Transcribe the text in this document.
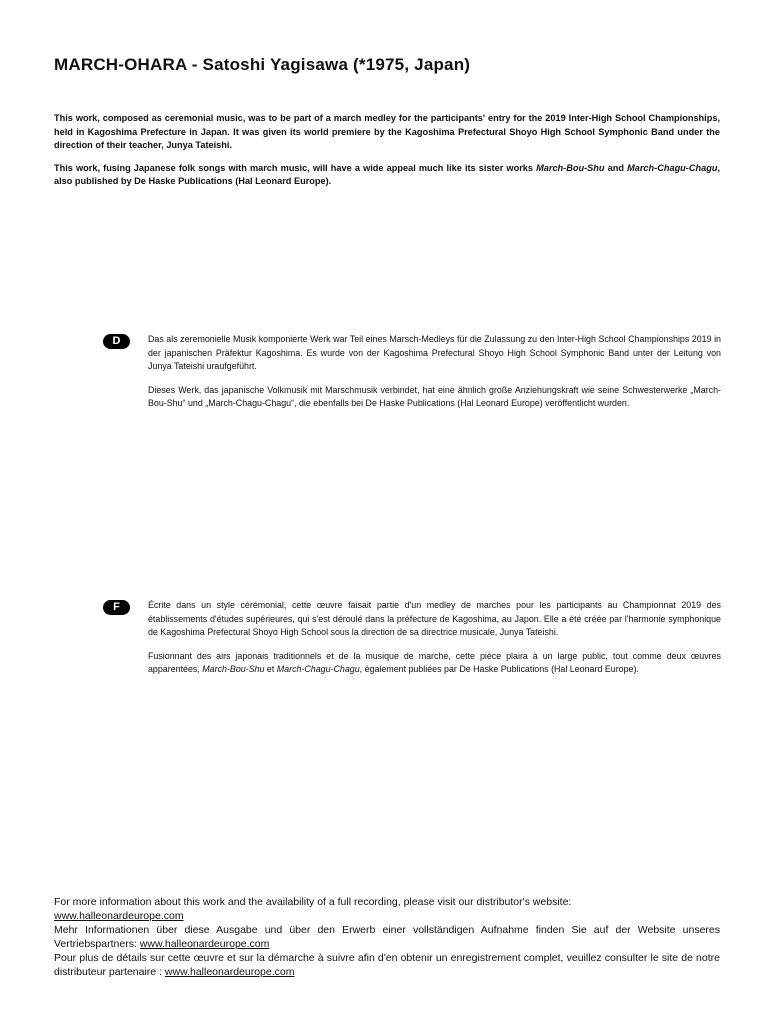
MARCH-OHARA - Satoshi Yagisawa (*1975, Japan)

This work, composed as ceremonial music, was to be part of a march medley for the participants' entry for the 2019 Inter-High School Championships, held in Kagoshima Prefecture in Japan. It was given its world premiere by the Kagoshima Prefectural Shoyo High School Symphonic Band under the direction of their teacher, Junya Tateishi.

This work, fusing Japanese folk songs with march music, will have a wide appeal much like its sister works March-Bou-Shu and March-Chagu-Chagu, also published by De Haske Publications (Hal Leonard Europe).

D	Das als zeremonielle Musik komponierte Werk war Teil eines Marsch-Medleys für die Zulassung zu den Inter-High School Championships 2019 in der japanischen Präfektur Kagoshima. Es wurde von der Kagoshima Prefectural Shoyo High School Symphonic Band unter der Leitung von Junya Tateishi uraufgeführt.

Dieses Werk, das japanische Volkmusik mit Marschmusik verbindet, hat eine ähnlich große Anziehungskraft wie seine Schwesterwerke „March-Bou-Shu“ und „March-Chagu-Chagu“, die ebenfalls bei De Haske Publications (Hal Leonard Europe) veröffentlicht wurden.

F	Écrite dans un style cérémonial, cette œuvre faisait partie d'un medley de marches pour les participants au Championnat 2019 des établissements d'études supérieures, qui s'est déroulé dans la préfecture de Kagoshima, au Japon. Elle a été créée par l'harmonie symphonique de Kagoshima Prefectural Shoyo High School sous la direction de sa directrice musicale, Junya Tateishi.

Fusionnant des airs japonais traditionnels et de la musique de marche, cette pièce plaira à un large public, tout comme deux œuvres apparentées, March-Bou-Shu et March-Chagu-Chagu, également publiées par De Haske Publications (Hal Leonard Europe).

For more information about this work and the availability of a full recording, please visit our distributor's website:
www.halleonardeurope.com
Mehr Informationen über diese Ausgabe und über den Erwerb einer vollständigen Aufnahme finden Sie auf der Website unseres Vertriebspartners: www.halleonardeurope.com
Pour plus de détails sur cette œuvre et sur la démarche à suivre afin d'en obtenir un enregistrement complet, veuillez consulter le site de notre distributeur partenaire : www.halleonardeurope.com
